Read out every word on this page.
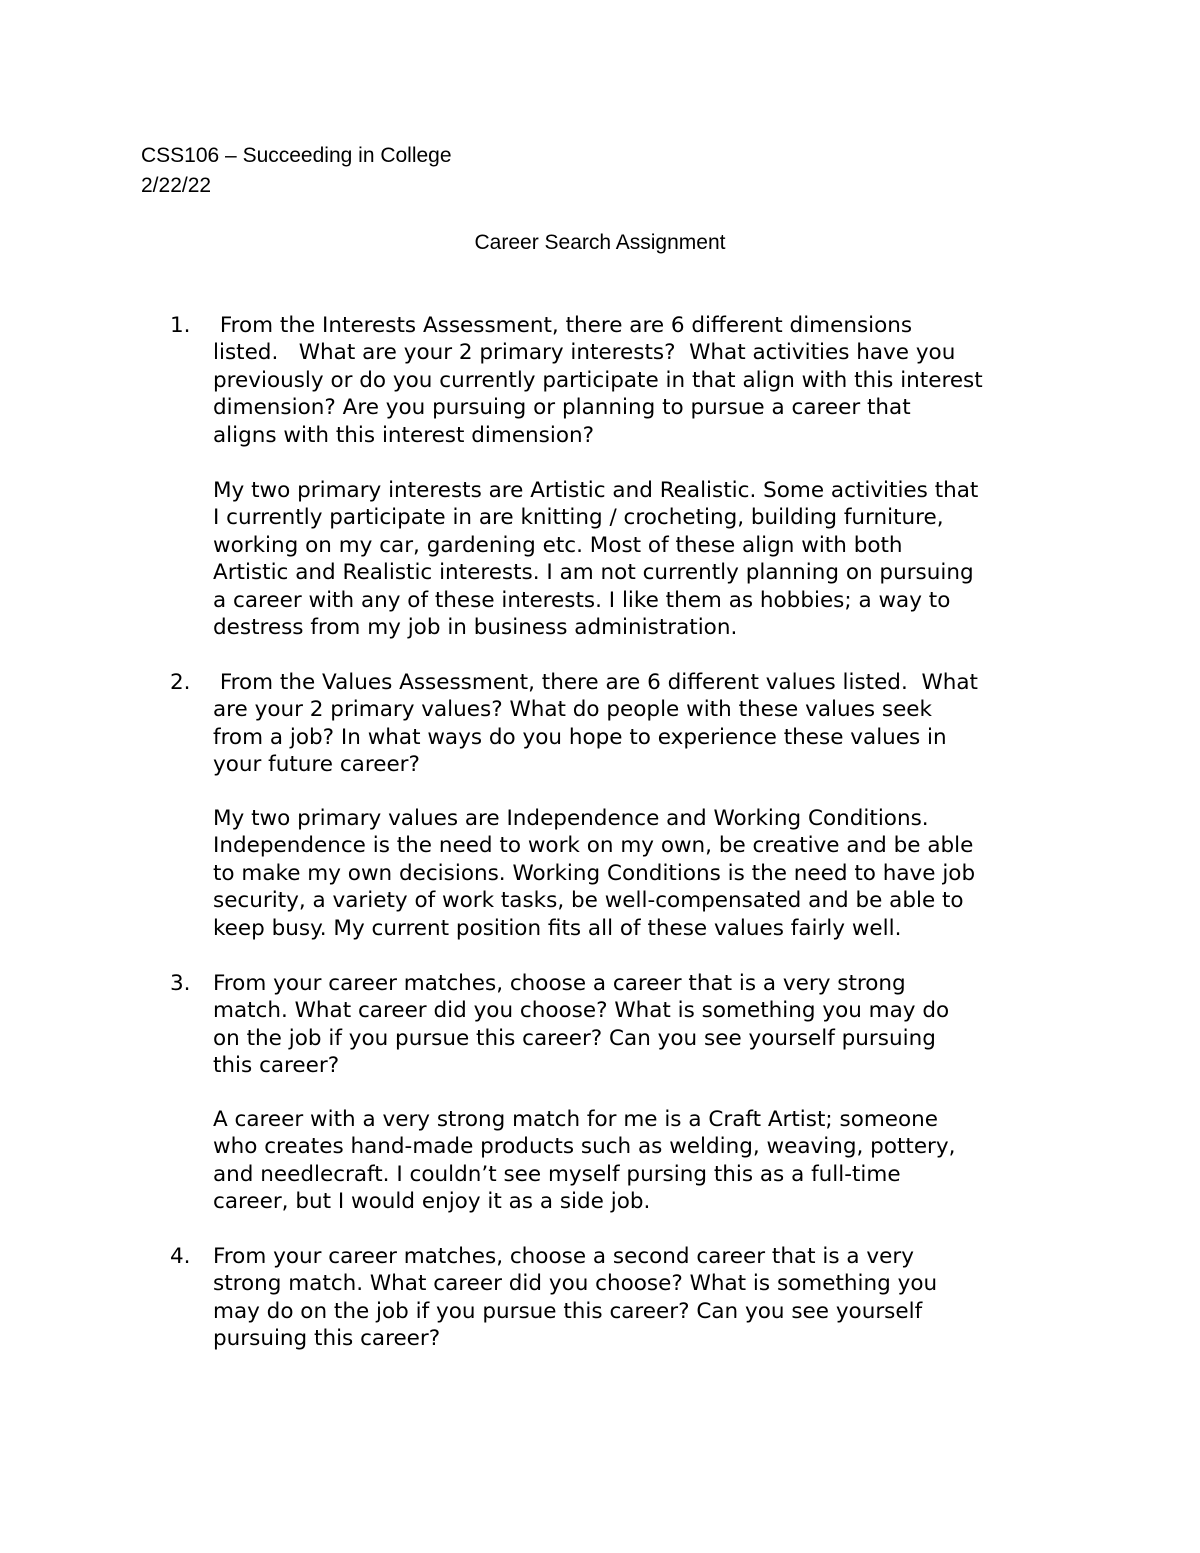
CSS106 – Succeeding in College
2/22/22
Career Search Assignment
1.	From the Interests Assessment, there are 6 different dimensions
listed.   What are your 2 primary interests?  What activities have you
previously or do you currently participate in that align with this interest
dimension? Are you pursuing or planning to pursue a career that
aligns with this interest dimension?
My two primary interests are Artistic and Realistic. Some activities that
I currently participate in are knitting / crocheting, building furniture,
working on my car, gardening etc. Most of these align with both
Artistic and Realistic interests. I am not currently planning on pursuing
a career with any of these interests. I like them as hobbies; a way to
destress from my job in business administration.
2.	From the Values Assessment, there are 6 different values listed.  What
are your 2 primary values? What do people with these values seek
from a job? In what ways do you hope to experience these values in
your future career?
My two primary values are Independence and Working Conditions.
Independence is the need to work on my own, be creative and be able
to make my own decisions. Working Conditions is the need to have job
security, a variety of work tasks, be well-compensated and be able to
keep busy. My current position fits all of these values fairly well.
3.	From your career matches, choose a career that is a very strong
match. What career did you choose? What is something you may do
on the job if you pursue this career? Can you see yourself pursuing
this career?
A career with a very strong match for me is a Craft Artist; someone
who creates hand-made products such as welding, weaving, pottery,
and needlecraft. I couldn’t see myself pursing this as a full-time
career, but I would enjoy it as a side job.
4.	From your career matches, choose a second career that is a very
strong match. What career did you choose? What is something you
may do on the job if you pursue this career? Can you see yourself
pursuing this career?
